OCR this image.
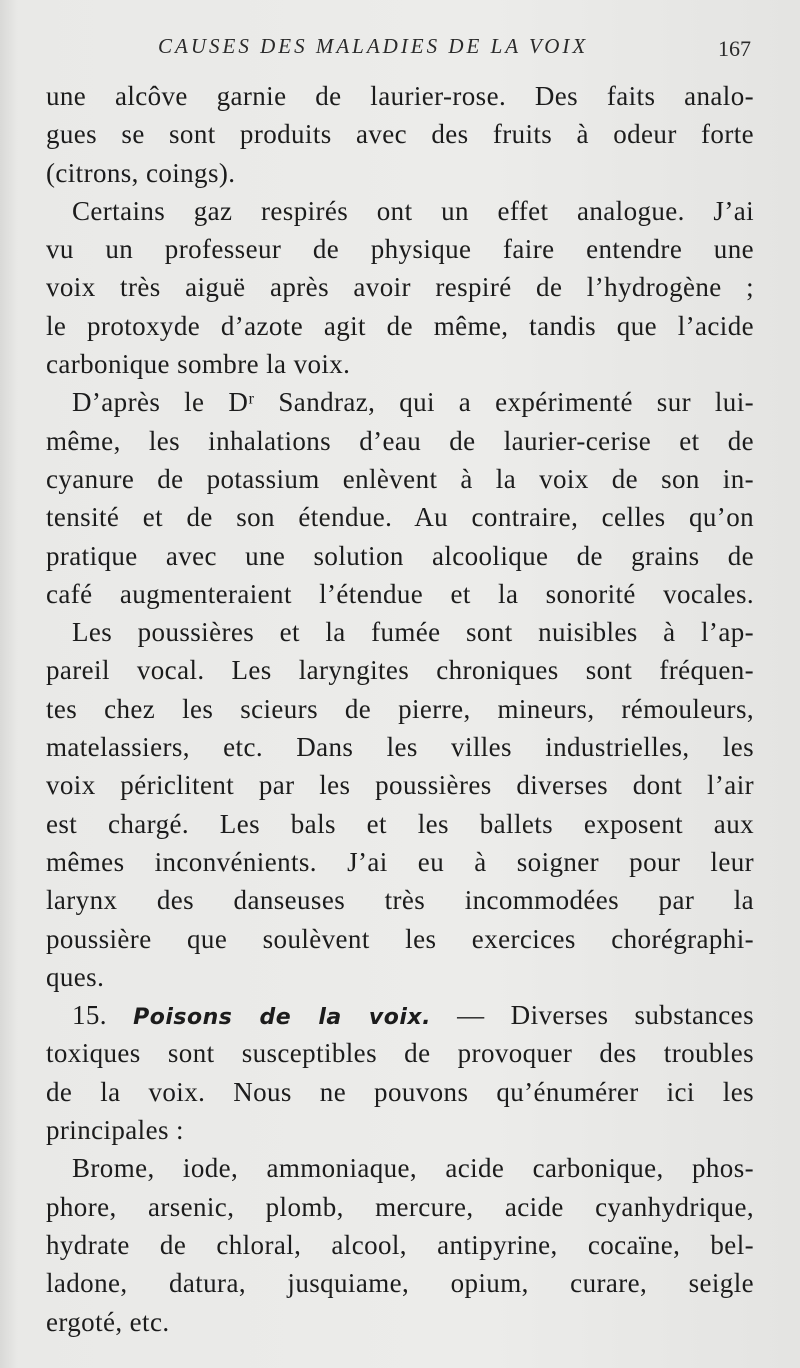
CAUSES DES MALADIES DE LA VOIX	167
une alcôve garnie de laurier-rose. Des faits analo-
gues se sont produits avec des fruits à odeur forte
(citrons, coings).
Certains gaz respirés ont un effet analogue. J’ai
vu un professeur de physique faire entendre une
voix très aiguë après avoir respiré de l’hydrogène ;
le protoxyde d’azote agit de même, tandis que l’acide
carbonique sombre la voix.
D’après le Dʳ Sandraz, qui a expérimenté sur lui-
même, les inhalations d’eau de laurier-cerise et de
cyanure de potassium enlèvent à la voix de son in-
tensité et de son étendue. Au contraire, celles qu’on
pratique avec une solution alcoolique de grains de
café augmenteraient l’étendue et la sonorité vocales.
Les poussières et la fumée sont nuisibles à l’ap-
pareil vocal. Les laryngites chroniques sont fréquen-
tes chez les scieurs de pierre, mineurs, rémouleurs,
matelassiers, etc. Dans les villes industrielles, les
voix périclitent par les poussières diverses dont l’air
est chargé. Les bals et les ballets exposent aux
mêmes inconvénients. J’ai eu à soigner pour leur
larynx des danseuses très incommodées par la
poussière que soulèvent les exercices chorégraphi-
ques.
15. Poisons de la voix. — Diverses substances
toxiques sont susceptibles de provoquer des troubles
de la voix. Nous ne pouvons qu’énumérer ici les
principales :
Brome, iode, ammoniaque, acide carbonique, phos-
phore, arsenic, plomb, mercure, acide cyanhydrique,
hydrate de chloral, alcool, antipyrine, cocaïne, bel-
ladone, datura, jusquiame, opium, curare, seigle
ergoté, etc.
